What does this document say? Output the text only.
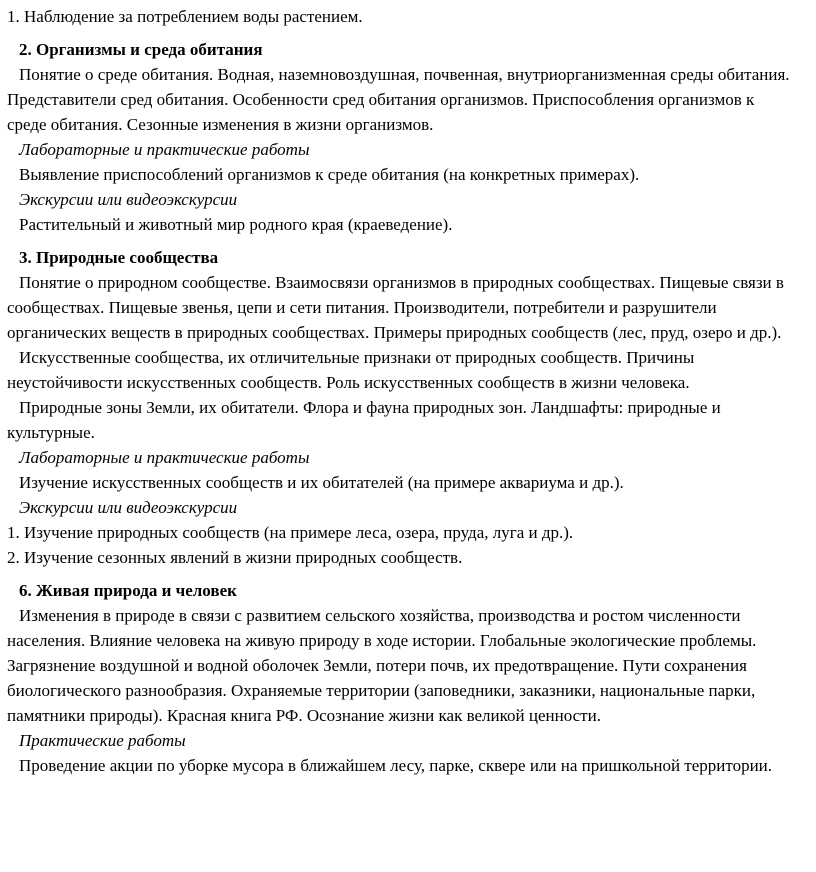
1. Наблюдение за потреблением воды растением.

2. Организмы и среда обитания

Понятие о среде обитания. Водная, наземновоздушная, почвенная, внутриорганизменная среды обитания. Представители сред обитания. Особенности сред обитания организмов. Приспособления организмов к среде обитания. Сезонные изменения в жизни организмов.

Лабораторные и практические работы

Выявление приспособлений организмов к среде обитания (на конкретных примерах).

Экскурсии или видеоэкскурсии

Растительный и животный мир родного края (краеведение).

3. Природные сообщества

Понятие о природном сообществе. Взаимосвязи организмов в природных сообществах. Пищевые связи в сообществах. Пищевые звенья, цепи и сети питания. Производители, потребители и разрушители органических веществ в природных сообществах. Примеры природных сообществ (лес, пруд, озеро и др.).

Искусственные сообщества, их отличительные признаки от природных сообществ. Причины неустойчивости искусственных сообществ. Роль искусственных сообществ в жизни человека.

Природные зоны Земли, их обитатели. Флора и фауна природных зон. Ландшафты: природные и культурные.

Лабораторные и практические работы

Изучение искусственных сообществ и их обитателей (на примере аквариума и др.).

Экскурсии или видеоэкскурсии

1. Изучение природных сообществ (на примере леса, озера, пруда, луга и др.).

2. Изучение сезонных явлений в жизни природных сообществ.

6. Живая природа и человек

Изменения в природе в связи с развитием сельского хозяйства, производства и ростом численности населения. Влияние человека на живую природу в ходе истории. Глобальные экологические проблемы. Загрязнение воздушной и водной оболочек Земли, потери почв, их предотвращение. Пути сохранения биологического разнообразия. Охраняемые территории (заповедники, заказники, национальные парки, памятники природы). Красная книга РФ. Осознание жизни как великой ценности.

Практические работы

Проведение акции по уборке мусора в ближайшем лесу, парке, сквере или на пришкольной территории.
